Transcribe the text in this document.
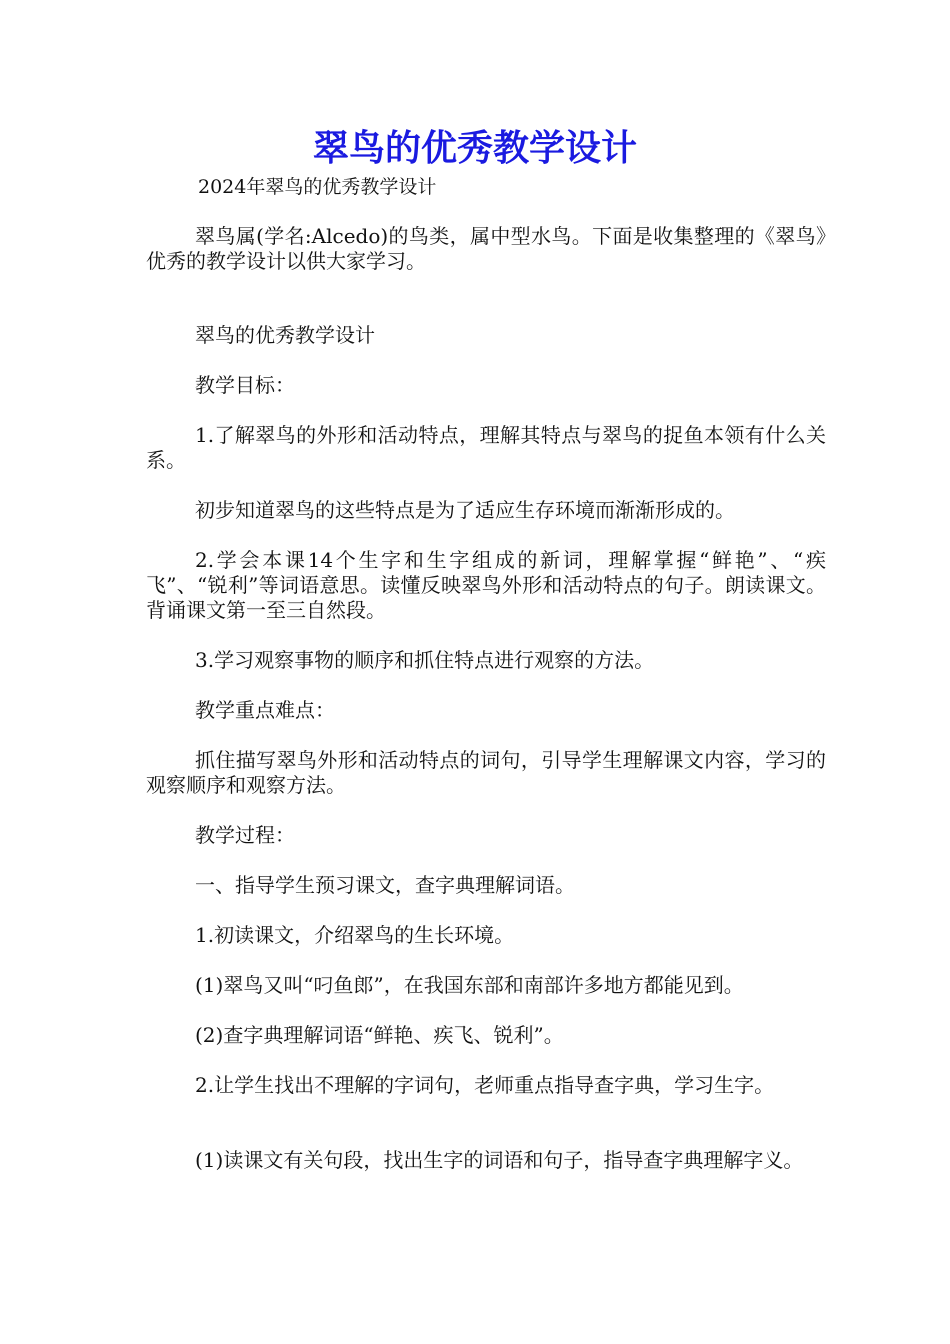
翠鸟的优秀教学设计

2024年翠鸟的优秀教学设计

翠鸟属(学名:Alcedo)的鸟类，属中型水鸟。下面是收集整理的《翠鸟》优秀的教学设计以供大家学习。

翠鸟的优秀教学设计

教学目标：

1.了解翠鸟的外形和活动特点，理解其特点与翠鸟的捉鱼本领有什么关系。

初步知道翠鸟的这些特点是为了适应生存环境而渐渐形成的。

2.学会本课14个生字和生字组成的新词，理解掌握“鲜艳”、“疾飞”、“锐利”等词语意思。读懂反映翠鸟外形和活动特点的句子。朗读课文。背诵课文第一至三自然段。

3.学习观察事物的顺序和抓住特点进行观察的方法。

教学重点难点：

抓住描写翠鸟外形和活动特点的词句，引导学生理解课文内容，学习的观察顺序和观察方法。

教学过程：

一、指导学生预习课文，查字典理解词语。

1.初读课文，介绍翠鸟的生长环境。

(1)翠鸟又叫“叼鱼郎”，在我国东部和南部许多地方都能见到。

(2)查字典理解词语“鲜艳、疾飞、锐利”。

2.让学生找出不理解的字词句，老师重点指导查字典，学习生字。

(1)读课文有关句段，找出生字的词语和句子，指导查字典理解字义。
